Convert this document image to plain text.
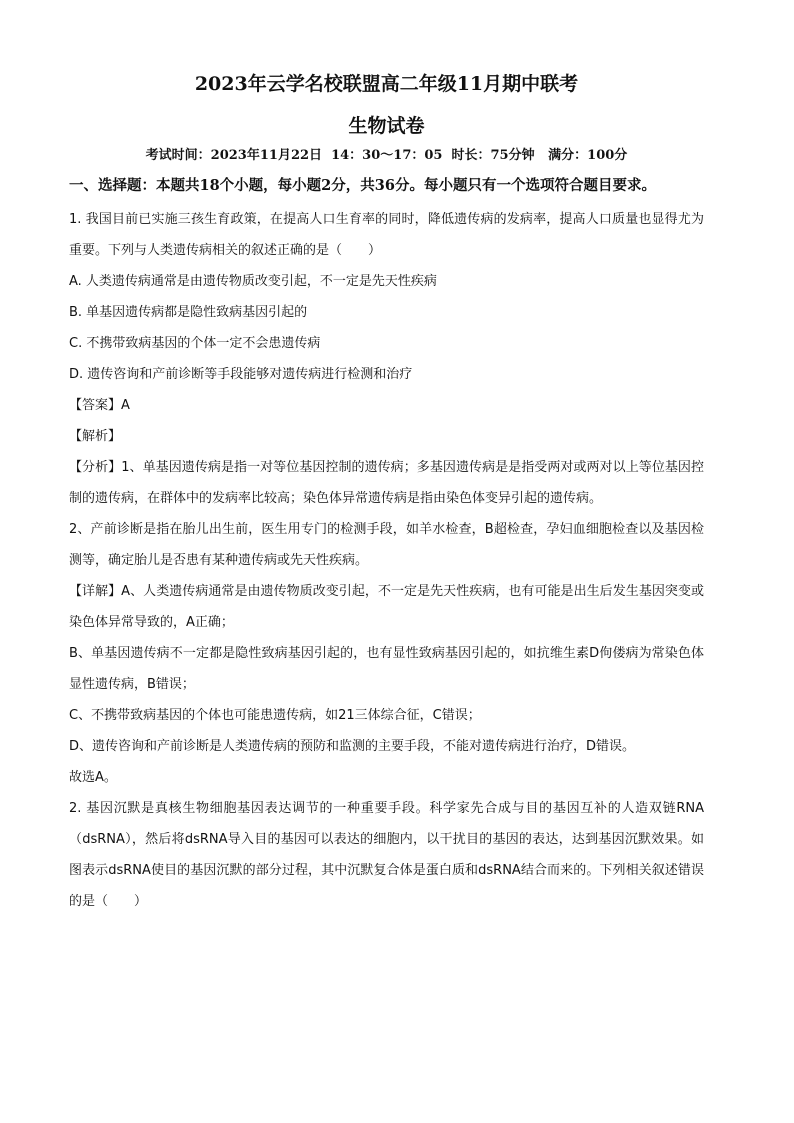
2023年云学名校联盟高二年级11月期中联考
生物试卷
考试时间：2023年11月22日  14：30～17：05  时长：75分钟   满分：100分
一、选择题：本题共18个小题，每小题2分，共36分。每小题只有一个选项符合题目要求。

1. 我国目前已实施三孩生育政策，在提高人口生育率的同时，降低遗传病的发病率，提高人口质量也显得尤为重要。下列与人类遗传病相关的叙述正确的是（　　）

A. 人类遗传病通常是由遗传物质改变引起，不一定是先天性疾病

B. 单基因遗传病都是隐性致病基因引起的

C. 不携带致病基因的个体一定不会患遗传病

D. 遗传咨询和产前诊断等手段能够对遗传病进行检测和治疗

【答案】A

【解析】

【分析】1、单基因遗传病是指一对等位基因控制的遗传病；多基因遗传病是是指受两对或两对以上等位基因控制的遗传病，在群体中的发病率比较高；染色体异常遗传病是指由染色体变异引起的遗传病。

2、产前诊断是指在胎儿出生前，医生用专门的检测手段，如羊水检查，B超检查，孕妇血细胞检查以及基因检测等，确定胎儿是否患有某种遗传病或先天性疾病。

【详解】A、人类遗传病通常是由遗传物质改变引起，不一定是先天性疾病，也有可能是出生后发生基因突变或染色体异常导致的，A正确；

B、单基因遗传病不一定都是隐性致病基因引起的，也有显性致病基因引起的，如抗维生素D佝偻病为常染色体显性遗传病，B错误；

C、不携带致病基因的个体也可能患遗传病，如21三体综合征，C错误；

D、遗传咨询和产前诊断是人类遗传病的预防和监测的主要手段，不能对遗传病进行治疗，D错误。

故选A。

2. 基因沉默是真核生物细胞基因表达调节的一种重要手段。科学家先合成与目的基因互补的人造双链RNA（dsRNA），然后将dsRNA导入目的基因可以表达的细胞内，以干扰目的基因的表达，达到基因沉默效果。如图表示dsRNA使目的基因沉默的部分过程，其中沉默复合体是蛋白质和dsRNA结合而来的。下列相关叙述错误的是（　　）
